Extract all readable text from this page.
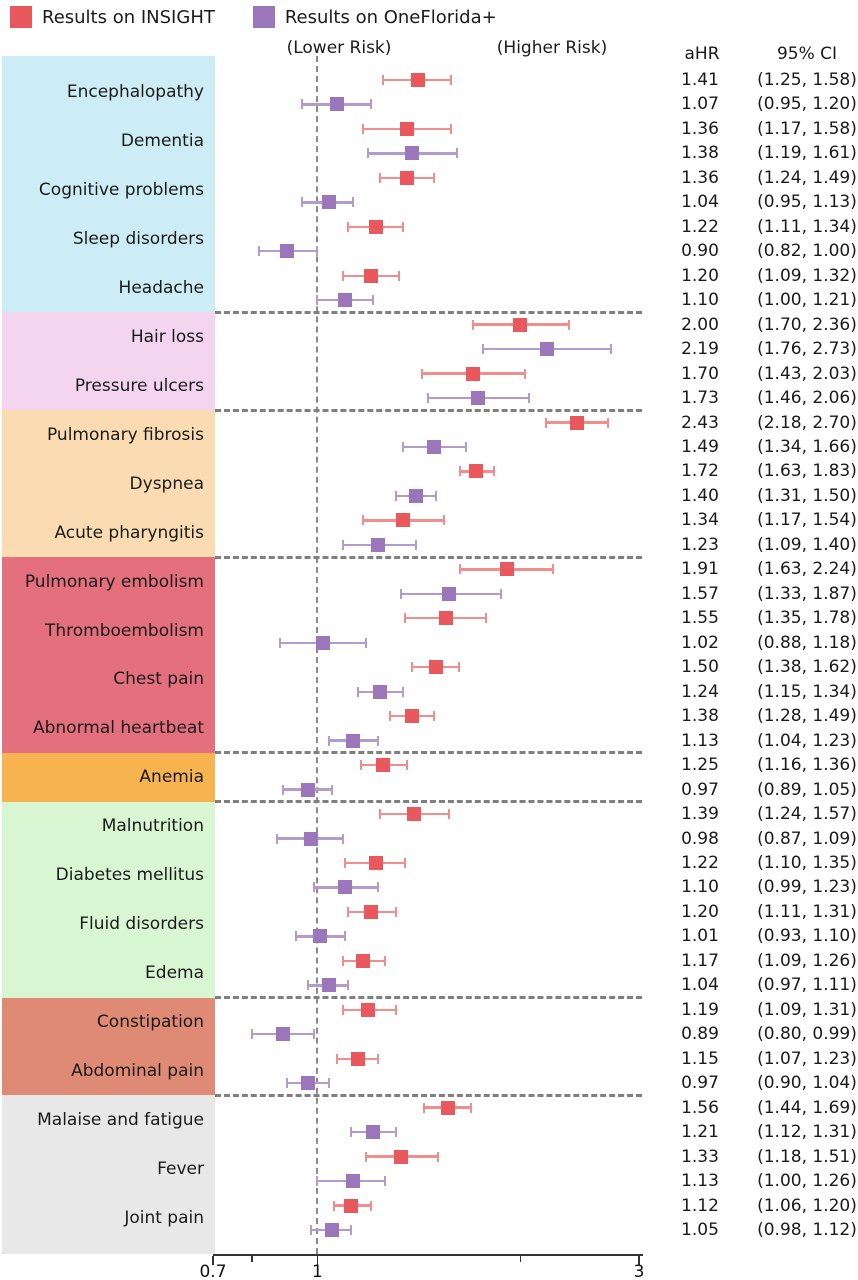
Results on INSIGHT	Results on OneFlorida+
(Lower Risk)	(Higher Risk)	aHR	95% CI
Encephalopathy
1.41 (1.25, 1.58)
1.07 (0.95, 1.20)
Dementia
1.36 (1.17, 1.58)
1.38 (1.19, 1.61)
Cognitive problems
1.36 (1.24, 1.49)
1.04 (0.95, 1.13)
Sleep disorders
1.22 (1.11, 1.34)
0.90 (0.82, 1.00)
Headache
1.20 (1.09, 1.32)
1.10 (1.00, 1.21)
Hair loss
2.00 (1.70, 2.36)
2.19 (1.76, 2.73)
Pressure ulcers
1.70 (1.43, 2.03)
1.73 (1.46, 2.06)
Pulmonary fibrosis
2.43 (2.18, 2.70)
1.49 (1.34, 1.66)
Dyspnea
1.72 (1.63, 1.83)
1.40 (1.31, 1.50)
Acute pharyngitis
1.34 (1.17, 1.54)
1.23 (1.09, 1.40)
Pulmonary embolism
1.91 (1.63, 2.24)
1.57 (1.33, 1.87)
Thromboembolism
1.55 (1.35, 1.78)
1.02 (0.88, 1.18)
Chest pain
1.50 (1.38, 1.62)
1.24 (1.15, 1.34)
Abnormal heartbeat
1.38 (1.28, 1.49)
1.13 (1.04, 1.23)
Anemia
1.25 (1.16, 1.36)
0.97 (0.89, 1.05)
Malnutrition
1.39 (1.24, 1.57)
0.98 (0.87, 1.09)
Diabetes mellitus
1.22 (1.10, 1.35)
1.10 (0.99, 1.23)
Fluid disorders
1.20 (1.11, 1.31)
1.01 (0.93, 1.10)
Edema
1.17 (1.09, 1.26)
1.04 (0.97, 1.11)
Constipation
1.19 (1.09, 1.31)
0.89 (0.80, 0.99)
Abdominal pain
1.15 (1.07, 1.23)
0.97 (0.90, 1.04)
Malaise and fatigue
1.56 (1.44, 1.69)
1.21 (1.12, 1.31)
Fever
1.33 (1.18, 1.51)
1.13 (1.00, 1.26)
Joint pain
1.12 (1.06, 1.20)
1.05 (0.98, 1.12)
0.7	1	3
